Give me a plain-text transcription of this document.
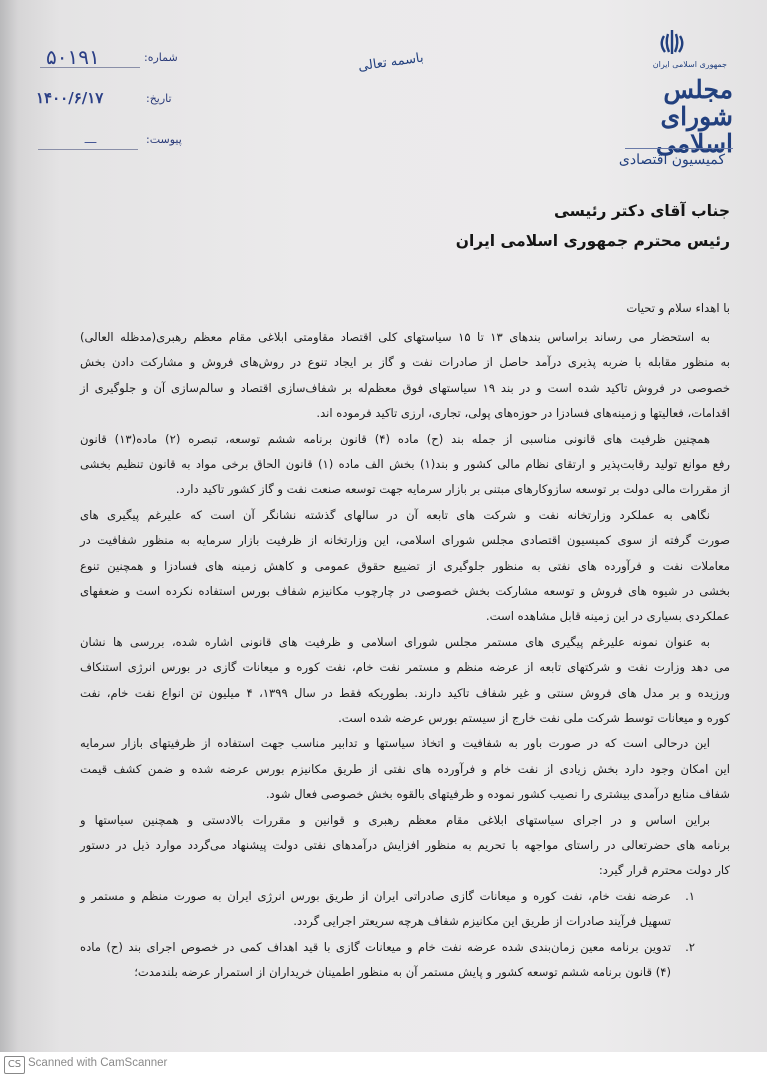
جمهوری اسلامی ایران
مجلس شورای اسلامی
کمیسیون اقتصادی
باسمه تعالی
شماره:
۵۰۱۹۱
تاریخ:
۱۴۰۰/۶/۱۷
پیوست:
—
جناب آقای دکتر رئیسی
رئیس محترم جمهوری اسلامی ایران
با اهداء سلام و تحیات
به استحضار می رساند براساس بندهای ۱۳ تا ۱۵ سیاستهای کلی اقتصاد مقاومتی ابلاغی مقام معظم رهبری(مدظله العالی)
به منظور مقابله با ضربه پذیری درآمد حاصل از صادرات نفت و گاز بر ایجاد تنوع در روش‌های فروش و مشارکت دادن بخش
خصوصی در فروش تاکید شده است و در بند ۱۹ سیاستهای فوق معظم‌له بر شفاف‌سازی اقتصاد و سالم‌سازی آن و جلوگیری از
اقدامات، فعالیتها و زمینه‌های فسادزا در حوزه‌های پولی، تجاری، ارزی تاکید فرموده اند.
همچنین ظرفیت های قانونی مناسبی از جمله بند (ح) ماده (۴) قانون برنامه ششم توسعه، تبصره (۲) ماده(۱۳) قانون
رفع موانع تولید رقابت‌پذیر و ارتقای نظام مالی کشور و بند(۱) بخش الف ماده (۱) قانون الحاق برخی مواد به قانون تنظیم بخشی
از مقررات مالی دولت بر توسعه سازوکارهای مبتنی بر بازار سرمایه جهت توسعه صنعت نفت و گاز کشور تاکید دارد.
نگاهی به عملکرد وزارتخانه نفت و شرکت های تابعه آن در سالهای گذشته نشانگر آن است که علیرغم پیگیری های
صورت گرفته از سوی کمیسیون اقتصادی مجلس شورای اسلامی، این وزارتخانه از ظرفیت بازار سرمایه به منظور شفافیت در
معاملات نفت و فرآورده های نفتی به منظور جلوگیری از تضییع حقوق عمومی و کاهش زمینه های فسادزا و همچنین تنوع
بخشی در شیوه های فروش و توسعه مشارکت بخش خصوصی در چارچوب مکانیزم شفاف بورس استفاده نکرده است و ضعفهای
عملکردی بسیاری در این زمینه قابل مشاهده است.
به عنوان نمونه علیرغم پیگیری های مستمر مجلس شورای اسلامی و ظرفیت های قانونی اشاره شده، بررسی ها نشان
می دهد وزارت نفت و شرکتهای تابعه از عرضه منظم و مستمر نفت خام، نفت کوره و میعانات گازی در بورس انرژی استنکاف
ورزیده و بر مدل های فروش سنتی و غیر شفاف تاکید دارند. بطوریکه فقط در سال ۱۳۹۹، ۴ میلیون تن انواع نفت خام، نفت
کوره و میعانات توسط شرکت ملی نفت خارج از سیستم بورس عرضه شده است.
این درحالی است که در صورت باور به شفافیت و اتخاذ سیاستها و تدابیر مناسب جهت استفاده از ظرفیتهای بازار سرمایه
این امکان وجود دارد بخش زیادی از نفت خام و فرآورده های نفتی از طریق مکانیزم بورس عرضه شده و ضمن کشف قیمت
شفاف منابع درآمدی بیشتری را نصیب کشور نموده و ظرفیتهای بالقوه بخش خصوصی فعال شود.
براین اساس و در اجرای سیاستهای ابلاغی مقام معظم رهبری و قوانین و مقررات بالادستی و همچنین سیاستها و
برنامه های حضرتعالی در راستای مواجهه با تحریم به منظور افزایش درآمدهای نفتی دولت پیشنهاد می‌گردد موارد ذیل در دستور
کار دولت محترم قرار گیرد:
۱.
عرضه نفت خام، نفت کوره و میعانات گازی صادراتی ایران از طریق بورس انرژی ایران به صورت منظم و مستمر و
تسهیل فرآیند صادرات از طریق این مکانیزم شفاف هرچه سریعتر اجرایی گردد.
۲.
تدوین برنامه معین زمان‌بندی شده عرضه نفت خام و میعانات گازی با قید اهداف کمی در خصوص اجرای بند (ح) ماده
(۴) قانون برنامه ششم توسعه کشور و پایش مستمر آن به منظور اطمینان خریداران از استمرار عرضه بلندمدت؛
CS Scanned with CamScanner
